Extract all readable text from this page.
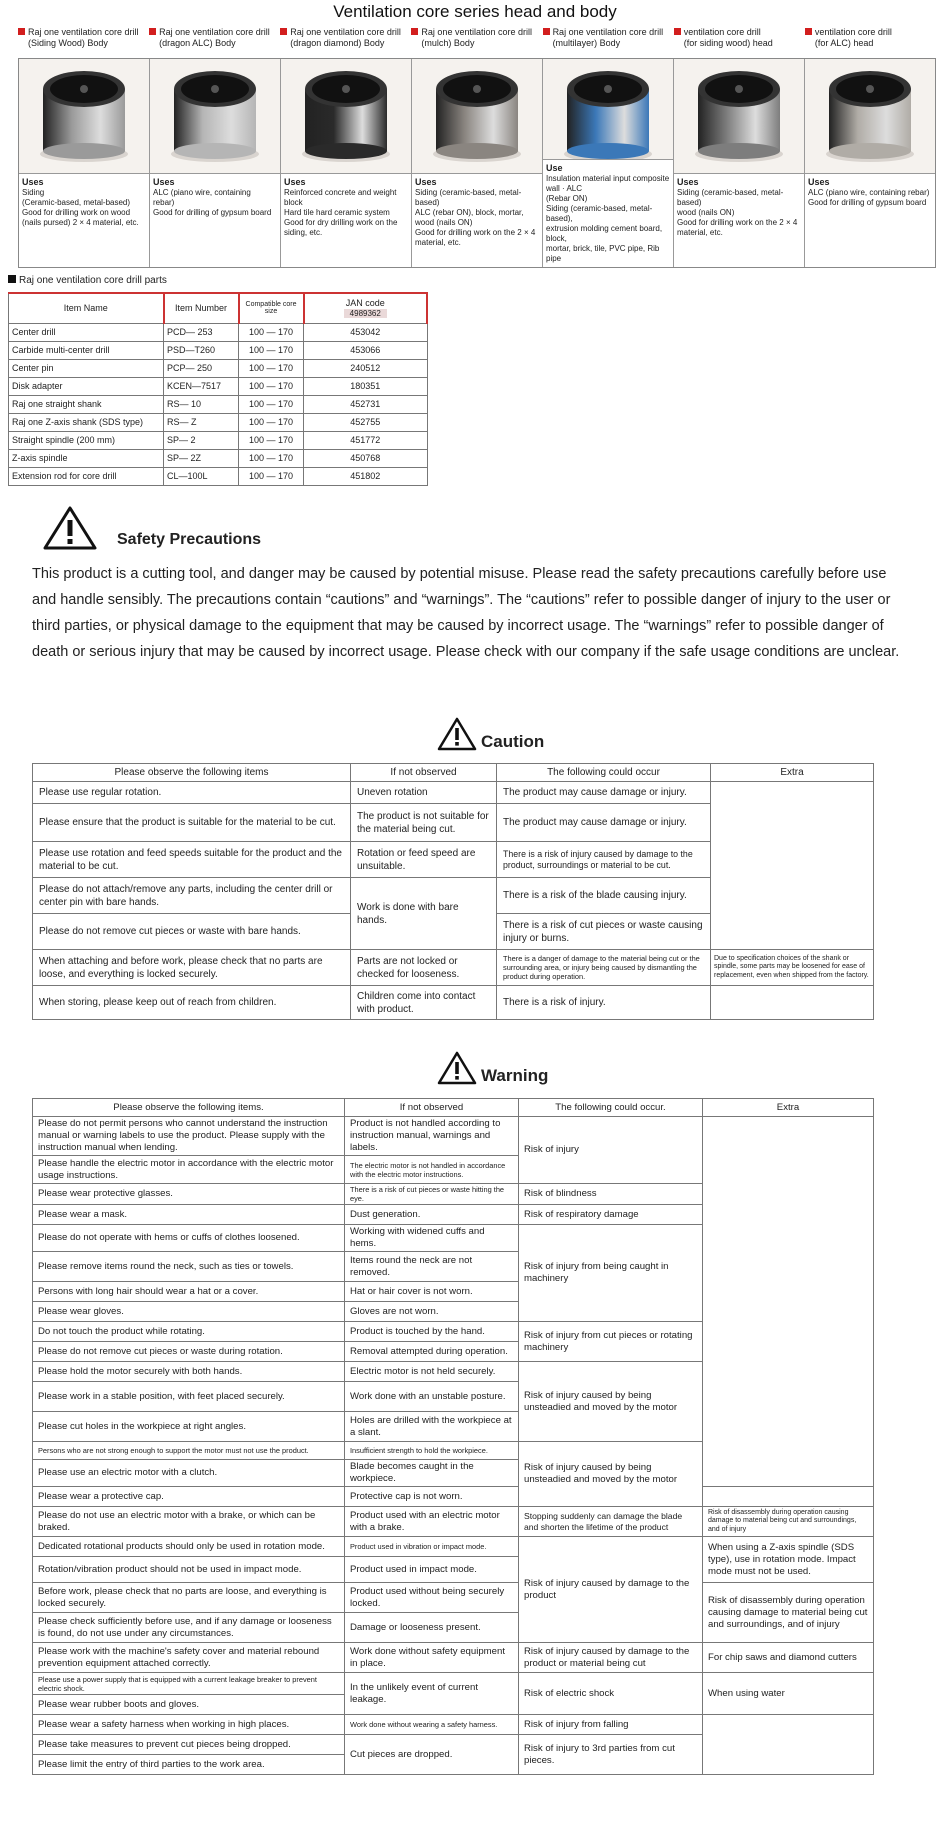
Ventilation core series head and body
Raj one ventilation core drill
(Siding Wood) Body
Raj one ventilation core drill
(dragon ALC) Body
Raj one ventilation core drill
(dragon diamond) Body
Raj one ventilation core drill
(mulch) Body
Raj one ventilation core drill
(multilayer) Body
ventilation core drill
(for siding wood) head
ventilation core drill
(for ALC) head
Uses
Siding
(Ceramic-based, metal-based)
Good for drilling work on wood
(nails pursed) 2 × 4 material, etc.
Uses
ALC (piano wire, containing
rebar)
Good for drilling of gypsum board
Uses
Reinforced concrete and weight block
Hard tile hard ceramic system
Good for dry drilling work on the
siding, etc.
Uses
Siding (ceramic-based, metal-based)
ALC (rebar ON), block, mortar, wood (nails ON)
Good for drilling work on the 2 × 4
material, etc.
Use
Insulation material input composite wall · ALC
(Rebar ON)
Siding (ceramic-based, metal-based),
extrusion molding cement board, block,
mortar, brick, tile, PVC pipe, Rib pipe
Uses
Siding (ceramic-based, metal-based)
wood (nails ON)
Good for drilling work on the 2 × 4
material, etc.
Uses
ALC (piano wire, containing rebar)
Good for drilling of gypsum board
Raj one ventilation core drill parts
Item Name	Item Number	Compatible core size	JAN code
4989362
Center drill	PCD— 253	100 — 170	453042
Carbide multi-center drill	PSD—T260	100 — 170	453066
Center pin	PCP— 250	100 — 170	240512
Disk adapter	KCEN—7517	100 — 170	180351
Raj one straight shank	RS— 10	100 — 170	452731
Raj one Z-axis shank (SDS type)	RS— Z	100 — 170	452755
Straight spindle (200 mm)	SP— 2	100 — 170	451772
Z-axis spindle	SP— 2Z	100 — 170	450768
Extension rod for core drill	CL—100L	100 — 170	451802
Safety Precautions
This product is a cutting tool, and danger may be caused by potential misuse. Please read the safety precautions carefully before use and handle sensibly. The precautions contain “cautions” and “warnings”. The “cautions” refer to possible danger of injury to the user or third parties, or physical damage to the equipment that may be caused by incorrect usage. The “warnings” refer to possible danger of death or serious injury that may be caused by incorrect usage. Please check with our company if the safe usage conditions are unclear.
Caution
Please observe the following items	If not observed	The following could occur	Extra
Please use regular rotation.	Uneven rotation	The product may cause damage or injury.	
Please ensure that the product is suitable for the material to be cut.	The product is not suitable for the material being cut.	The product may cause damage or injury.	
Please use rotation and feed speeds suitable for the product and the material to be cut.	Rotation or feed speed are unsuitable.	There is a risk of injury caused by damage to the product, surroundings or material to be cut.	
Please do not attach/remove any parts, including the center drill or center pin with bare hands.	Work is done with bare hands.	There is a risk of the blade causing injury.	
Please do not remove cut pieces or waste with bare hands.		There is a risk of cut pieces or waste causing injury or burns.	
When attaching and before work, please check that no parts are loose, and everything is locked securely.	Parts are not locked or checked for looseness.	There is a danger of damage to the material being cut or the surrounding area, or injury being caused by dismantling the product during operation.	Due to specification choices of the shank or spindle, some parts may be loosened for ease of replacement, even when shipped from the factory.
When storing, please keep out of reach from children.	Children come into contact with product.	There is a risk of injury.	
Warning
Please observe the following items.	If not observed	The following could occur.	Extra
Please do not permit persons who cannot understand the instruction manual or warning labels to use the product. Please supply with the instruction manual when lending.	Product is not handled according to instruction manual, warnings and labels.	Risk of injury	
Please handle the electric motor in accordance with the electric motor usage instructions.	The electric motor is not handled in accordance with the electric motor instructions.		
Please wear protective glasses.	There is a risk of cut pieces or waste hitting the eye.	Risk of blindness	
Please wear a mask.	Dust generation.	Risk of respiratory damage	
Please do not operate with hems or cuffs of clothes loosened.	Working with widened cuffs and hems.	Risk of injury from being caught in machinery	
Please remove items round the neck, such as ties or towels.	Items round the neck are not removed.		
Persons with long hair should wear a hat or a cover.	Hat or hair cover is not worn.		
Please wear gloves.	Gloves are not worn.		
Do not touch the product while rotating.	Product is touched by the hand.	Risk of injury from cut pieces or rotating machinery	
Please do not remove cut pieces or waste during rotation.	Removal attempted during operation.		
Please hold the motor securely with both hands.	Electric motor is not held securely.	Risk of injury caused by being unsteadied and moved by the motor	
Please work in a stable position, with feet placed securely.	Work done with an unstable posture.		
Please cut holes in the workpiece at right angles.	Holes are drilled with the workpiece at a slant.		
Persons who are not strong enough to support the motor must not use the product.	Insufficient strength to hold the workpiece.	Risk of injury caused by being unsteadied and moved by the motor	
Please use an electric motor with a clutch.	Blade becomes caught in the workpiece.		
Please wear a protective cap.	Protective cap is not worn.		
Please do not use an electric motor with a brake, or which can be braked.	Product used with an electric motor with a brake.	Stopping suddenly can damage the blade and shorten the lifetime of the product	Risk of disassembly during operation causing damage to material being cut and surroundings, and of injury
Dedicated rotational products should only be used in rotation mode.	Product used in vibration or impact mode.	Risk of injury caused by damage to the product	When using a Z-axis spindle (SDS type), use in rotation mode. Impact mode must not be used.
Rotation/vibration product should not be used in impact mode.	Product used in impact mode.		
Before work, please check that no parts are loose, and everything is locked securely.	Product used without being securely locked.		Risk of disassembly during operation causing damage to material being cut and surroundings, and of injury
Please check sufficiently before use, and if any damage or looseness is found, do not use under any circumstances.	Damage or looseness present.		
Please work with the machine's safety cover and material rebound prevention equipment attached correctly.	Work done without safety equipment in place.	Risk of injury caused by damage to the product or material being cut	For chip saws and diamond cutters
Please use a power supply that is equipped with a current leakage breaker to prevent electric shock.	In the unlikely event of current leakage.	Risk of electric shock	When using water
Please wear rubber boots and gloves.			
Please wear a safety harness when working in high places.	Work done without wearing a safety harness.	Risk of injury from falling	
Please take measures to prevent cut pieces being dropped.	Cut pieces are dropped.	Risk of injury to 3rd parties from cut pieces.	
Please limit the entry of third parties to the work area.			
